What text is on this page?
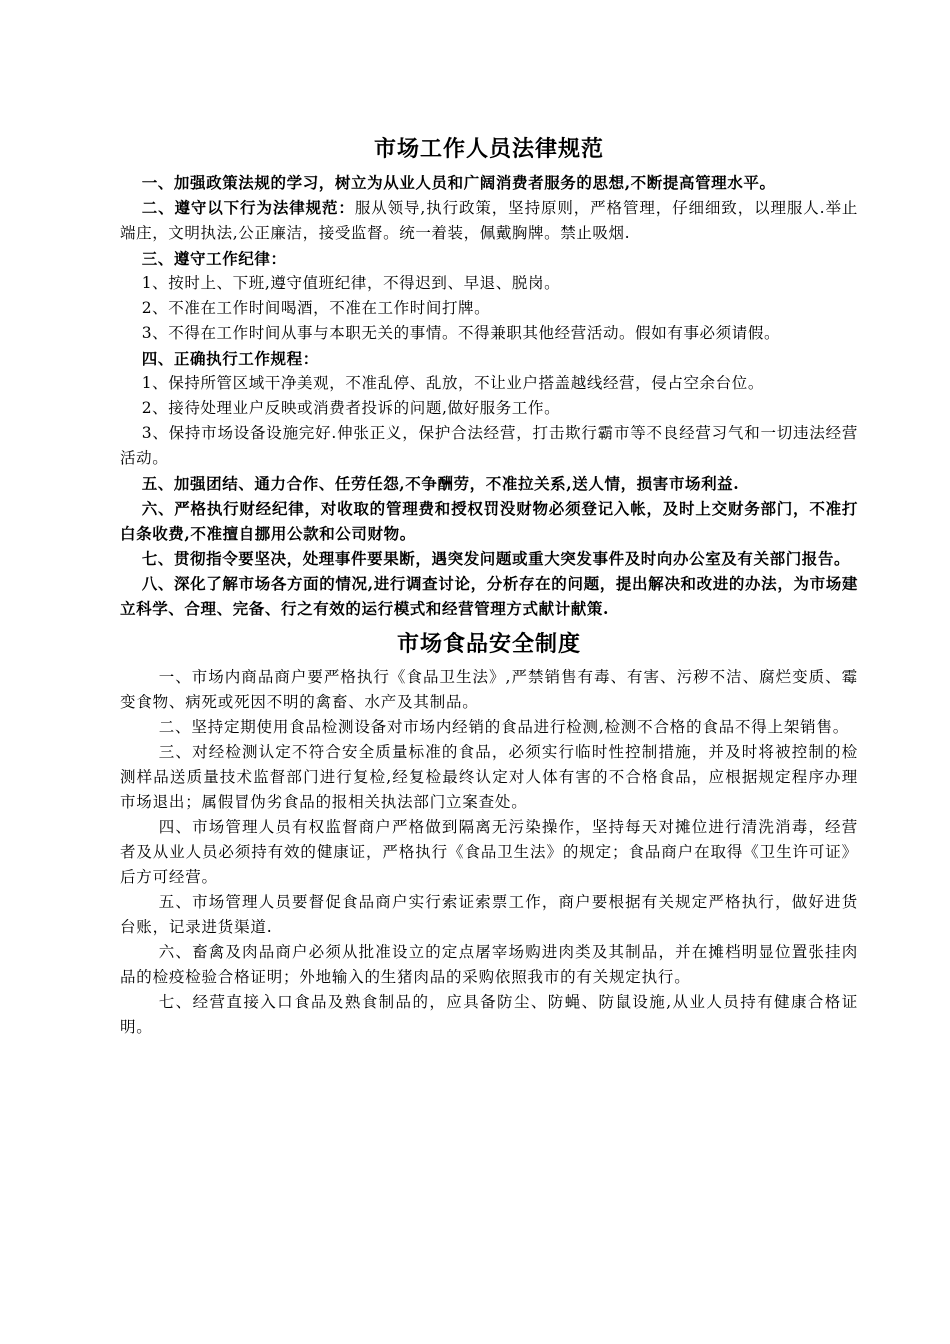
市场工作人员法律规范

一、加强政策法规的学习，树立为从业人员和广阔消费者服务的思想,不断提高管理水平。

二、遵守以下行为法律规范：服从领导,执行政策，坚持原则，严格管理，仔细细致，以理服人.举止端庄，文明执法,公正廉洁，接受监督。统一着装，佩戴胸牌。禁止吸烟.

三、遵守工作纪律：

1、按时上、下班,遵守值班纪律，不得迟到、早退、脱岗。

2、不准在工作时间喝酒，不准在工作时间打牌。

3、不得在工作时间从事与本职无关的事情。不得兼职其他经营活动。假如有事必须请假。

四、正确执行工作规程：

1、保持所管区域干净美观，不准乱停、乱放，不让业户搭盖越线经营，侵占空余台位。

2、接待处理业户反映或消费者投诉的问题,做好服务工作。

3、保持市场设备设施完好.伸张正义，保护合法经营，打击欺行霸市等不良经营习气和一切违法经营活动。

五、加强团结、通力合作、任劳任怨,不争酬劳，不准拉关系,送人情，损害市场利益.

六、严格执行财经纪律，对收取的管理费和授权罚没财物必须登记入帐，及时上交财务部门，不准打白条收费,不准擅自挪用公款和公司财物。

七、贯彻指令要坚决，处理事件要果断，遇突发问题或重大突发事件及时向办公室及有关部门报告。

八、深化了解市场各方面的情况,进行调查讨论，分析存在的问题，提出解决和改进的办法，为市场建立科学、合理、完备、行之有效的运行模式和经营管理方式献计献策.

市场食品安全制度

一、市场内商品商户要严格执行《食品卫生法》,严禁销售有毒、有害、污秽不洁、腐烂变质、霉变食物、病死或死因不明的禽畜、水产及其制品。

二、坚持定期使用食品检测设备对市场内经销的食品进行检测,检测不合格的食品不得上架销售。

三、对经检测认定不符合安全质量标准的食品，必须实行临时性控制措施，并及时将被控制的检测样品送质量技术监督部门进行复检,经复检最终认定对人体有害的不合格食品，应根据规定程序办理市场退出；属假冒伪劣食品的报相关执法部门立案查处。

四、市场管理人员有权监督商户严格做到隔离无污染操作，坚持每天对摊位进行清洗消毒，经营者及从业人员必须持有效的健康证，严格执行《食品卫生法》的规定；食品商户在取得《卫生许可证》后方可经营。

五、市场管理人员要督促食品商户实行索证索票工作，商户要根据有关规定严格执行，做好进货台账，记录进货渠道.

六、畜禽及肉品商户必须从批准设立的定点屠宰场购进肉类及其制品，并在摊档明显位置张挂肉品的检疫检验合格证明；外地输入的生猪肉品的采购依照我市的有关规定执行。

七、经营直接入口食品及熟食制品的，应具备防尘、防蝇、防鼠设施,从业人员持有健康合格证明。
